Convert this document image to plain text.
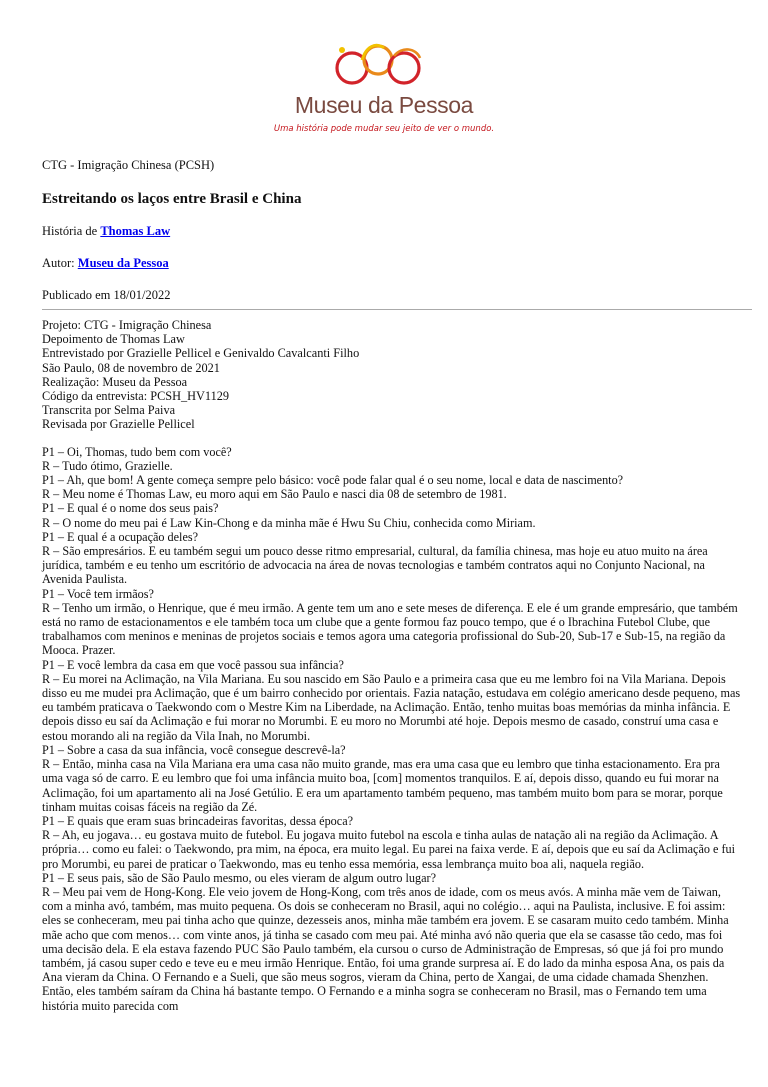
Museu da Pessoa
Uma história pode mudar seu jeito de ver o mundo.

CTG - Imigração Chinesa (PCSH)

Estreitando os laços entre Brasil e China

História de Thomas Law

Autor: Museu da Pessoa

Publicado em 18/01/2022

Projeto: CTG - Imigração Chinesa
Depoimento de Thomas Law
Entrevistado por Grazielle Pellicel e Genivaldo Cavalcanti Filho
São Paulo, 08 de novembro de 2021
Realização: Museu da Pessoa
Código da entrevista: PCSH_HV1129
Transcrita por Selma Paiva
Revisada por Grazielle Pellicel
P1 – Oi, Thomas, tudo bem com você?
R – Tudo ótimo, Grazielle.
P1 – Ah, que bom! A gente começa sempre pelo básico: você pode falar qual é o seu nome, local e data de nascimento?
R – Meu nome é Thomas Law, eu moro aqui em São Paulo e nasci dia 08 de setembro de 1981.
P1 – E qual é o nome dos seus pais?
R – O nome do meu pai é Law Kin-Chong e da minha mãe é Hwu Su Chiu, conhecida como Miriam.
P1 – E qual é a ocupação deles?
R – São empresários. E eu também segui um pouco desse ritmo empresarial, cultural, da família chinesa, mas hoje eu atuo muito na área jurídica, também e eu tenho um escritório de advocacia na área de novas tecnologias e também contratos aqui no Conjunto Nacional, na Avenida Paulista.
P1 – Você tem irmãos?
R – Tenho um irmão, o Henrique, que é meu irmão. A gente tem um ano e sete meses de diferença. E ele é um grande empresário, que também está no ramo de estacionamentos e ele também toca um clube que a gente formou faz pouco tempo, que é o Ibrachina Futebol Clube, que trabalhamos com meninos e meninas de projetos sociais e temos agora uma categoria profissional do Sub-20, Sub-17 e Sub-15, na região da Mooca. Prazer.
P1 – E você lembra da casa em que você passou sua infância?
R – Eu morei na Aclimação, na Vila Mariana. Eu sou nascido em São Paulo e a primeira casa que eu me lembro foi na Vila Mariana. Depois disso eu me mudei pra Aclimação, que é um bairro conhecido por orientais. Fazia natação, estudava em colégio americano desde pequeno, mas eu também praticava o Taekwondo com o Mestre Kim na Liberdade, na Aclimação. Então, tenho muitas boas memórias da minha infância. E depois disso eu saí da Aclimação e fui morar no Morumbi. E eu moro no Morumbi até hoje. Depois mesmo de casado, construí uma casa e estou morando ali na região da Vila Inah, no Morumbi.
P1 – Sobre a casa da sua infância, você consegue descrevê-la?
R – Então, minha casa na Vila Mariana era uma casa não muito grande, mas era uma casa que eu lembro que tinha estacionamento. Era pra uma vaga só de carro. E eu lembro que foi uma infância muito boa, [com] momentos tranquilos. E aí, depois disso, quando eu fui morar na Aclimação, foi um apartamento ali na José Getúlio. E era um apartamento também pequeno, mas também muito bom para se morar, porque tinham muitas coisas fáceis na região da Zé.
P1 – E quais que eram suas brincadeiras favoritas, dessa época?
R – Ah, eu jogava… eu gostava muito de futebol. Eu jogava muito futebol na escola e tinha aulas de natação ali na região da Aclimação. A própria… como eu falei: o Taekwondo, pra mim, na época, era muito legal. Eu parei na faixa verde. E aí, depois que eu saí da Aclimação e fui pro Morumbi, eu parei de praticar o Taekwondo, mas eu tenho essa memória, essa lembrança muito boa ali, naquela região.
P1 – E seus pais, são de São Paulo mesmo, ou eles vieram de algum outro lugar?
R – Meu pai vem de Hong-Kong. Ele veio jovem de Hong-Kong, com três anos de idade, com os meus avós. A minha mãe vem de Taiwan, com a minha avó, também, mas muito pequena. Os dois se conheceram no Brasil, aqui no colégio… aqui na Paulista, inclusive. E foi assim: eles se conheceram, meu pai tinha acho que quinze, dezesseis anos, minha mãe também era jovem. E se casaram muito cedo também. Minha mãe acho que com menos… com vinte anos, já tinha se casado com meu pai. Até minha avó não queria que ela se casasse tão cedo, mas foi uma decisão dela. E ela estava fazendo PUC São Paulo também, ela cursou o curso de Administração de Empresas, só que já foi pro mundo também, já casou super cedo e teve eu e meu irmão Henrique. Então, foi uma grande surpresa aí. E do lado da minha esposa Ana, os pais da Ana vieram da China. O Fernando e a Sueli, que são meus sogros, vieram da China, perto de Xangai, de uma cidade chamada Shenzhen. Então, eles também saíram da China há bastante tempo. O Fernando e a minha sogra se conheceram no Brasil, mas o Fernando tem uma história muito parecida com
